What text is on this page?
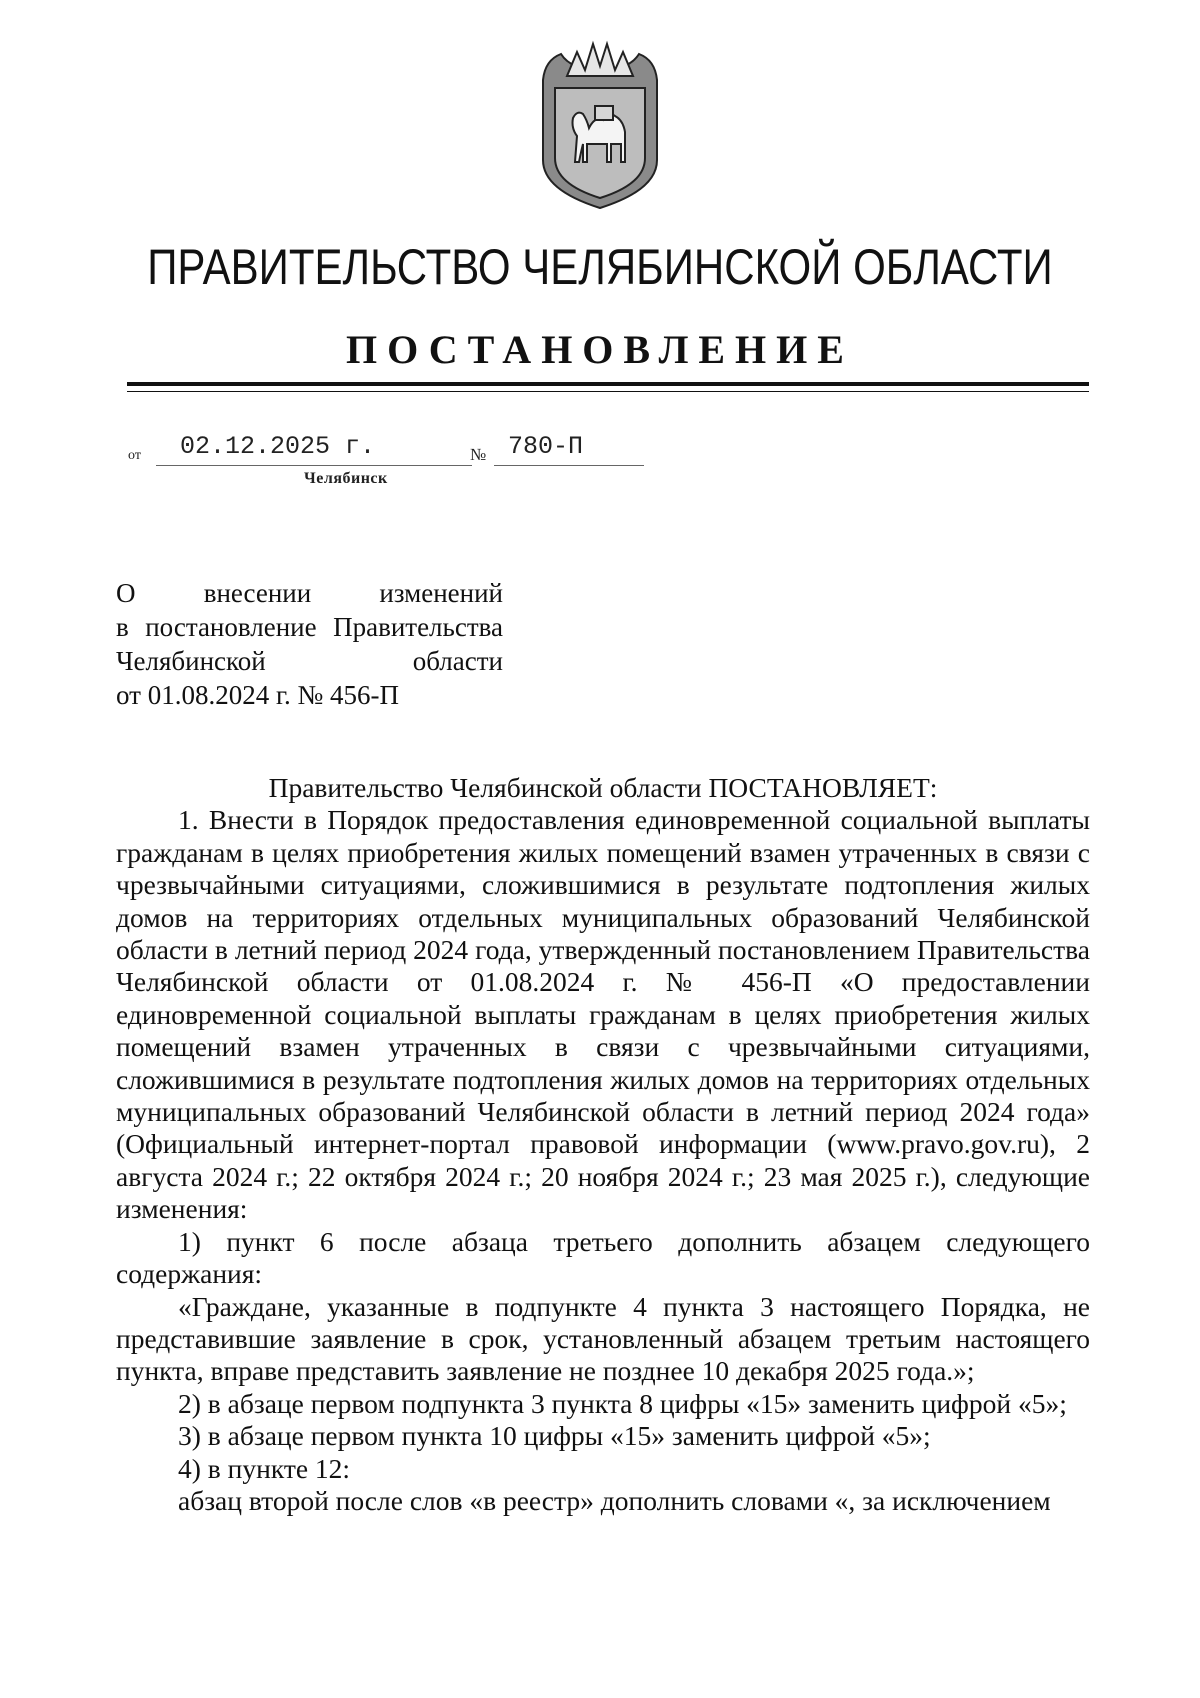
ПРАВИТЕЛЬСТВО ЧЕЛЯБИНСКОЙ ОБЛАСТИ
ПОСТАНОВЛЕНИЕ
от 02.12.2025 г.	№ 780-П
Челябинск
О внесении изменений
в постановление Правительства
Челябинской области
от 01.08.2024 г. № 456-П

Правительство Челябинской области ПОСТАНОВЛЯЕТ:

1. Внести в Порядок предоставления единовременной социальной выплаты гражданам в целях приобретения жилых помещений взамен утраченных в связи с чрезвычайными ситуациями, сложившимися в результате подтопления жилых домов на территориях отдельных муниципальных образований Челябинской области в летний период 2024 года, утвержденный постановлением Правительства Челябинской области от 01.08.2024 г. № 456-П «О предоставлении единовременной социальной выплаты гражданам в целях приобретения жилых помещений взамен утраченных в связи с чрезвычайными ситуациями, сложившимися в результате подтопления жилых домов на территориях отдельных муниципальных образований Челябинской области в летний период 2024 года» (Официальный интернет-портал правовой информации (www.pravo.gov.ru), 2 августа 2024 г.; 22 октября 2024 г.; 20 ноября 2024 г.; 23 мая 2025 г.), следующие изменения:

1) пункт 6 после абзаца третьего дополнить абзацем следующего содержания:

«Граждане, указанные в подпункте 4 пункта 3 настоящего Порядка, не представившие заявление в срок, установленный абзацем третьим настоящего пункта, вправе представить заявление не позднее 10 декабря 2025 года.»;

2) в абзаце первом подпункта 3 пункта 8 цифры «15» заменить цифрой «5»;

3) в абзаце первом пункта 10 цифры «15» заменить цифрой «5»;

4) в пункте 12:

абзац второй после слов «в реестр» дополнить словами «, за исключением
